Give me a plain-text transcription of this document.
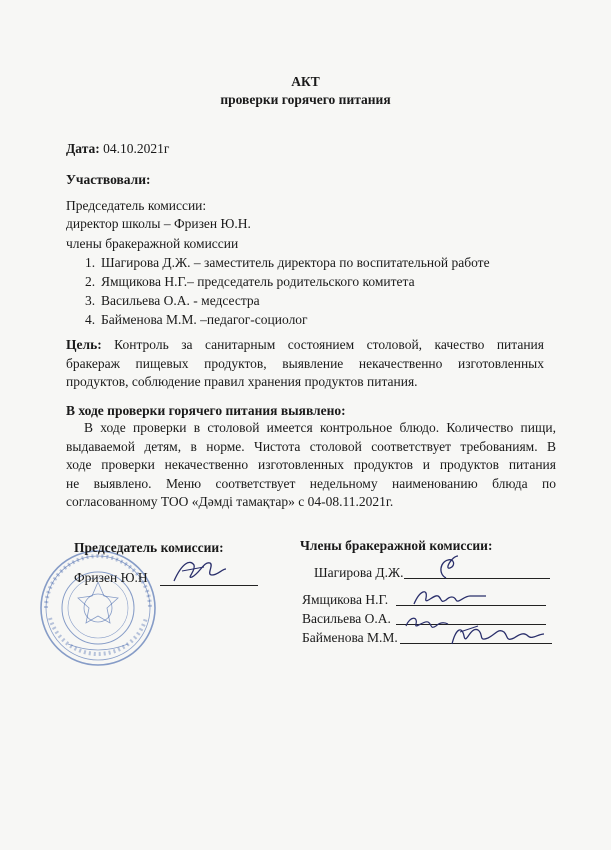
АКТ
проверки горячего питания
Дата: 04.10.2021г
Участвовали:
Председатель комиссии:
директор школы – Фризен Ю.Н.
члены бракеражной комиссии
1. Шагирова Д.Ж. – заместитель директора по воспитательной работе
2. Ямщикова Н.Г.– председатель родительского комитета
3. Васильева О.А. - медсестра
4. Байменова М.М. –педагог-социолог
Цель: Контроль за санитарным состоянием столовой, качество питания
бракераж пищевых продуктов, выявление некачественно изготовленных
продуктов, соблюдение правил хранения продуктов питания.
В ходе проверки горячего питания выявлено:
В ходе проверки в столовой имеется контрольное блюдо. Количество пищи,
выдаваемой детям, в норме. Чистота столовой соответствует требованиям. В
ходе проверки некачественно изготовленных продуктов и продуктов питания
не выявлено. Меню соответствует недельному наименованию блюда по
согласованному ТОО «Дəмді тамақтар» с 04-08.11.2021г.
Председатель комиссии:
Фризен Ю.Н
Члены бракеражной комиссии:
Шагирова Д.Ж.
Ямщикова Н.Г.
Васильева О.А.
Байменова М.М.
